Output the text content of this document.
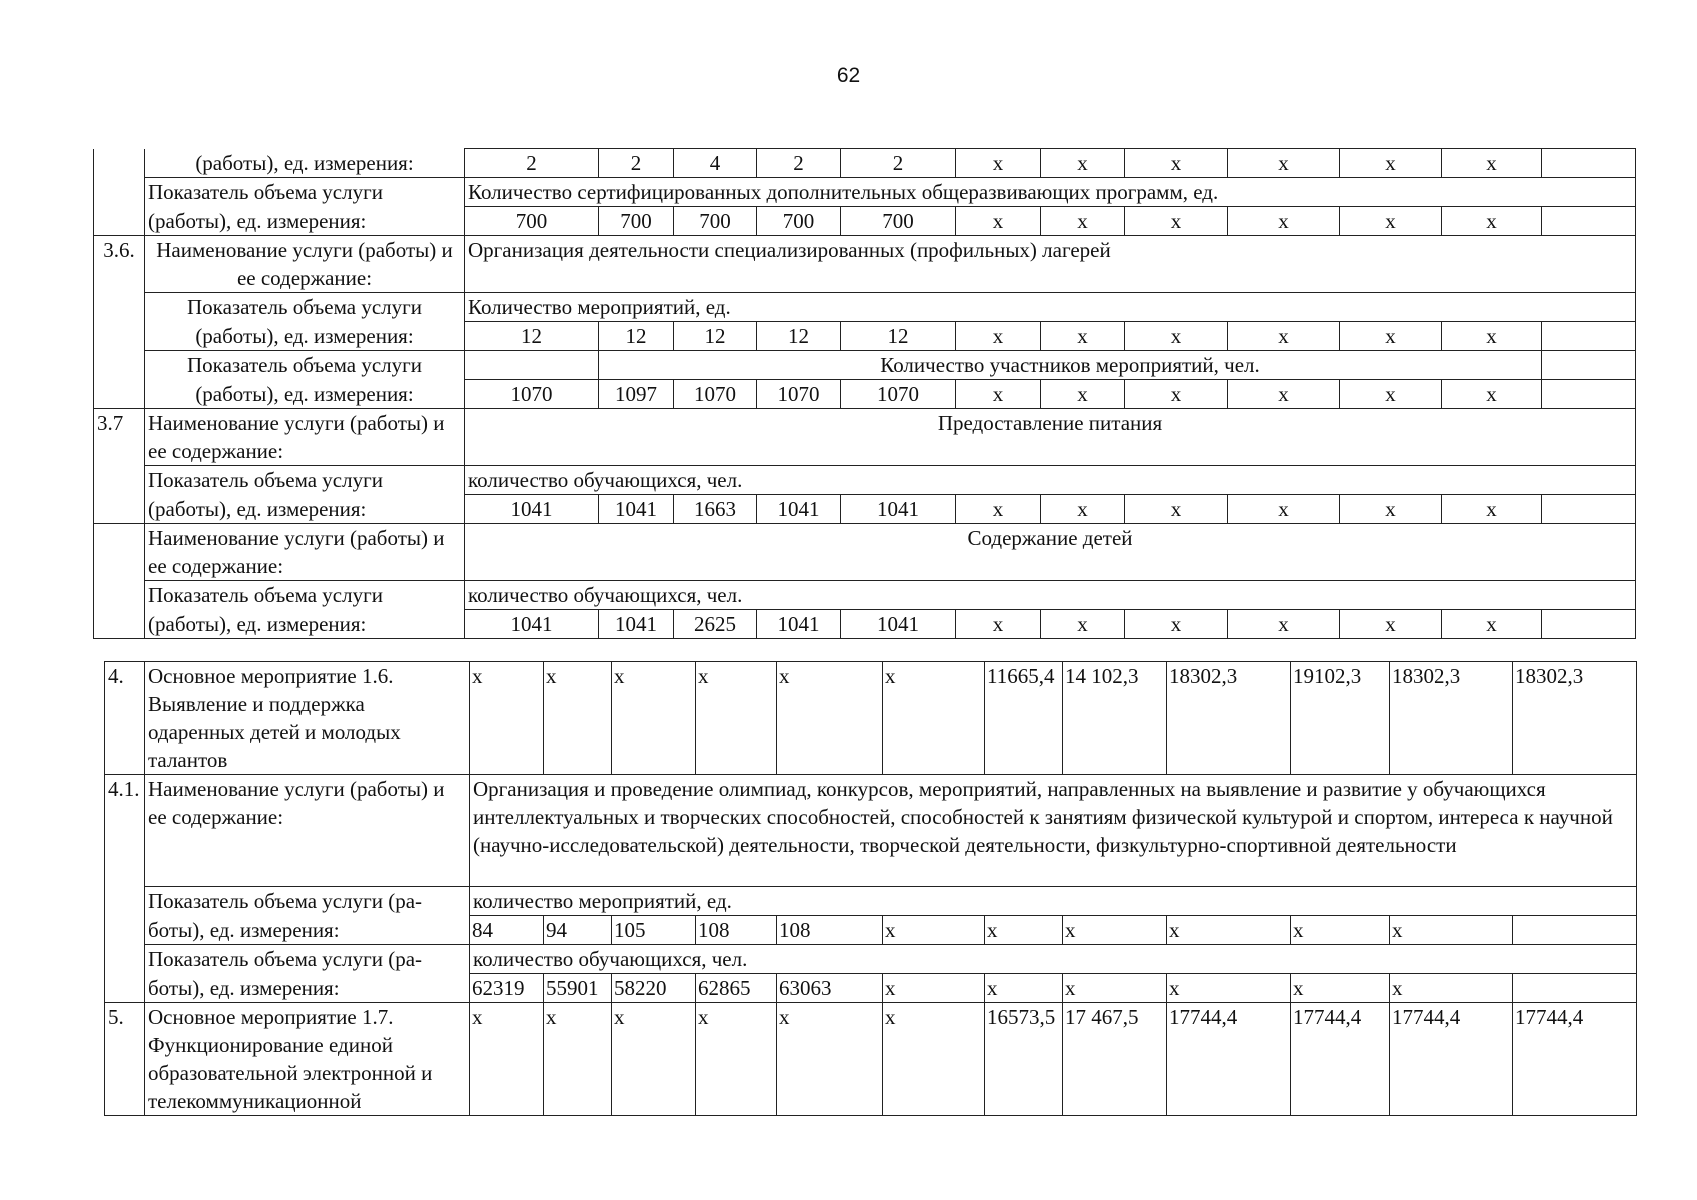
62
	(работы), ед. измерения:	2	2	4	2	2	х	х	х	х	х	х	
	Показатель объема услуги	Количество сертифицированных дополнительных общеразвивающих программ, ед.											
	(работы), ед. измерения:	700	700	700	700	700	х	х	х	х	х	х	
3.6.	Наименование услуги (работы) и ее содержание:	Организация деятельности специализированных (профильных) лагерей											
	Показатель объема услуги	Количество мероприятий, ед.											
	(работы), ед. измерения:	12	12	12	12	12	х	х	х	х	х	х	
	Показатель объема услуги		Количество участников мероприятий, чел.										
	(работы), ед. измерения:	1070	1097	1070	1070	1070	х	х	х	х	х	х	
3.7	Наименование услуги (работы) и ее содержание:	Предоставление питания											
	Показатель объема услуги	количество обучающихся, чел.											
	(работы), ед. измерения:	1041	1041	1663	1041	1041	х	х	х	х	х	х	
	Наименование услуги (работы) и ее содержание:	Содержание детей											
	Показатель объема услуги	количество обучающихся, чел.											
	(работы), ед. измерения:	1041	1041	2625	1041	1041	х	х	х	х	х	х	
4.	Основное мероприятие 1.6. Выявление и поддержка одаренных детей и молодых талантов	х	х	х	х	х	х	11665,4	14 102,3	18302,3	19102,3	18302,3	18302,3
4.1.	Наименование услуги (работы) и ее содержание:	Организация и проведение олимпиад, конкурсов, мероприятий, направленных на выявление и развитие у обучающихся интеллектуальных и творческих способностей, способностей к занятиям физической культурой и спортом, интереса к научной (научно-исследовательской) деятельности, творческой деятельности, физкультурно-спортивной деятельности											
	Показатель объема услуги (ра-	количество мероприятий, ед.											
	боты), ед. измерения:	84	94	105	108	108	х	х	х	х	х	х	
	Показатель объема услуги (ра-	количество обучающихся, чел.											
	боты), ед. измерения:	62319	55901	58220	62865	63063	х	х	х	х	х	х	
5.	Основное мероприятие 1.7. Функционирование единой образовательной электронной и телекоммуникационной	х	х	х	х	х	х	16573,5	17 467,5	17744,4	17744,4	17744,4	17744,4
